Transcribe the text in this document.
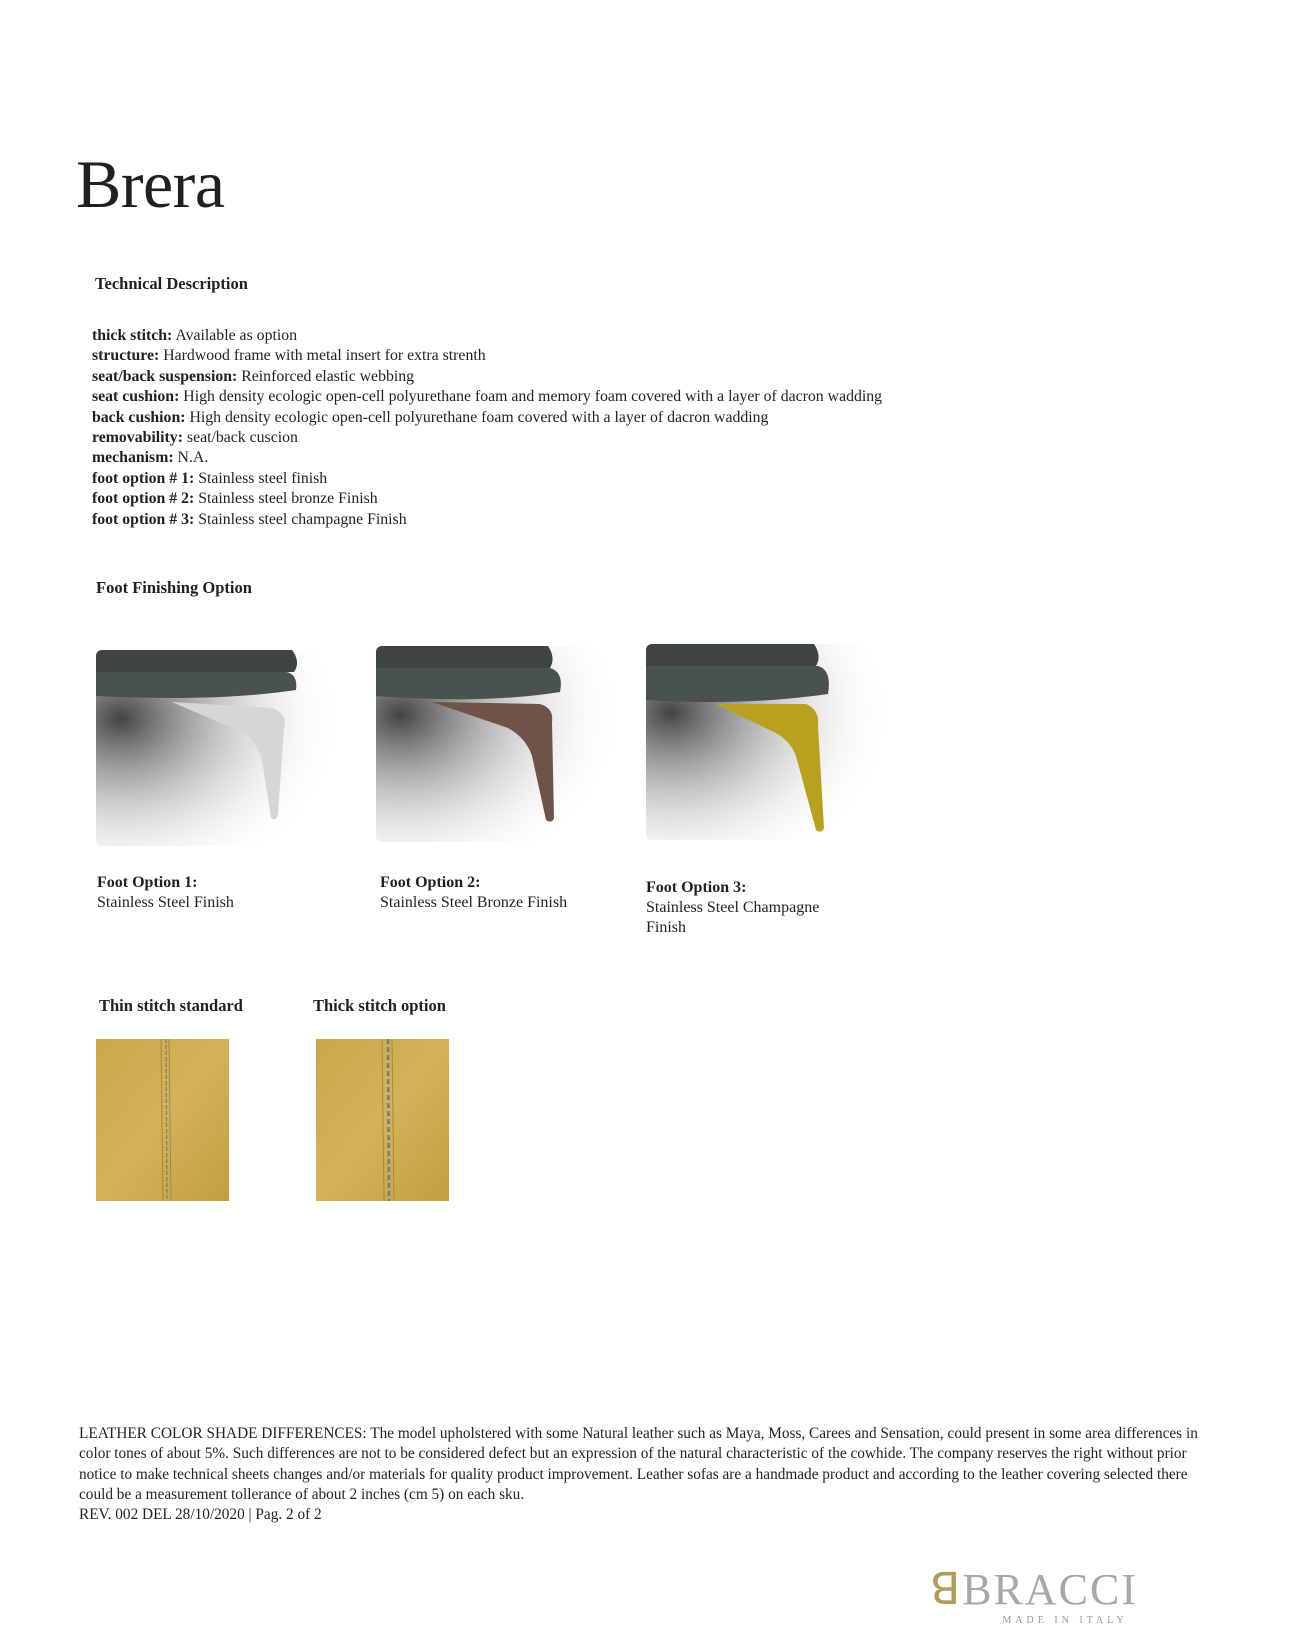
Brera
Technical Description
thick stitch: Available as option
structure: Hardwood frame with metal insert for extra strenth
seat/back suspension: Reinforced elastic webbing
seat cushion: High density ecologic open-cell polyurethane foam and memory foam covered with a layer of dacron wadding
back cushion: High density ecologic open-cell polyurethane foam covered with a layer of dacron wadding
removability: seat/back cuscion
mechanism: N.A.
foot option # 1: Stainless steel finish
foot option # 2: Stainless steel bronze Finish
foot option # 3: Stainless steel champagne Finish
Foot Finishing Option
Foot Option 1:
Stainless Steel Finish
Foot Option 2:
Stainless Steel Bronze Finish
Foot Option 3:
Stainless Steel Champagne
Finish
Thin stitch standard	Thick stitch option
LEATHER COLOR SHADE DIFFERENCES: The model upholstered with some Natural leather such as Maya, Moss, Carees and Sensation, could present in some area differences in color tones of about 5%. Such differences are not to be considered defect but an expression of the natural characteristic of the cowhide. The company reserves the right without prior notice to make technical sheets changes and/or materials for quality product improvement. Leather sofas are a handmade product and according to the leather covering selected there could be a measurement tollerance of about 2 inches (cm 5) on each sku.
REV. 002 DEL 28/10/2020 | Pag. 2 of 2
ꓭBRACCI
MADE IN ITALY
